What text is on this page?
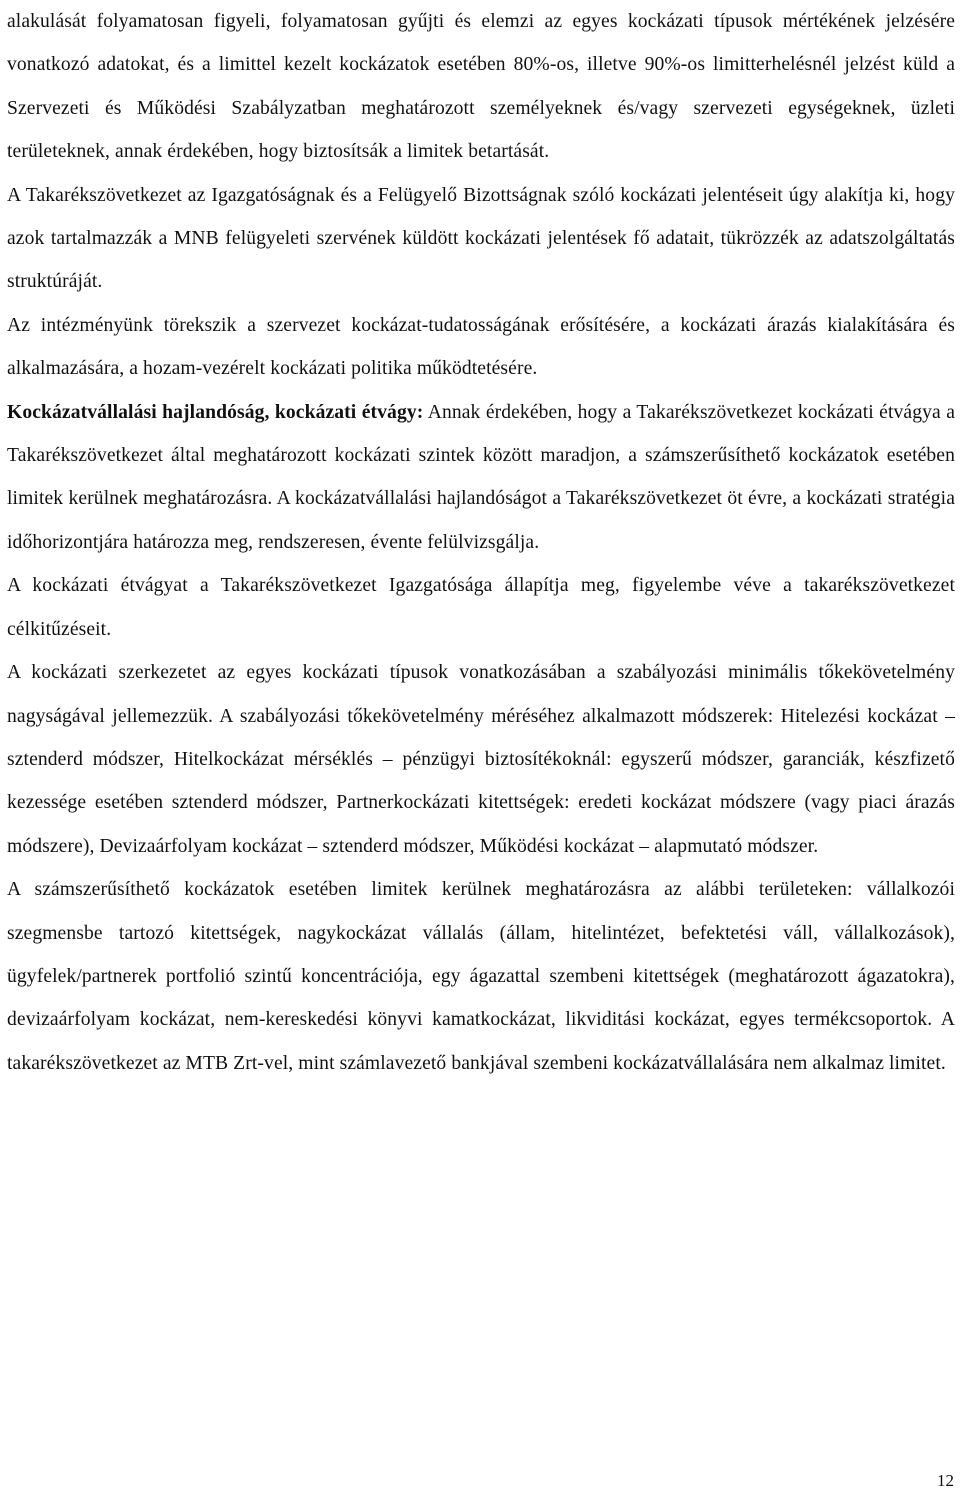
alakulását folyamatosan figyeli, folyamatosan gyűjti és elemzi az egyes kockázati típusok mértékének jelzésére vonatkozó adatokat, és a limittel kezelt kockázatok esetében 80%-os, illetve 90%-os limitterhelésnél jelzést küld a Szervezeti és Működési Szabályzatban meghatározott személyeknek és/vagy szervezeti egységeknek, üzleti területeknek, annak érdekében, hogy biztosítsák a limitek betartását.

A Takarékszövetkezet az Igazgatóságnak és a Felügyelő Bizottságnak szóló kockázati jelentéseit úgy alakítja ki, hogy azok tartalmazzák a MNB felügyeleti szervének küldött kockázati jelentések fő adatait, tükrözzék az adatszolgáltatás struktúráját.

Az intézményünk törekszik a szervezet kockázat-tudatosságának erősítésére, a kockázati árazás kialakítására és alkalmazására, a hozam-vezérelt kockázati politika működtetésére.

Kockázatvállalási hajlandóság, kockázati étvágy: Annak érdekében, hogy a Takarékszövetkezet kockázati étvágya a Takarékszövetkezet által meghatározott kockázati szintek között maradjon, a számszerűsíthető kockázatok esetében limitek kerülnek meghatározásra. A kockázatvállalási hajlandóságot a Takarékszövetkezet öt évre, a kockázati stratégia időhorizontjára határozza meg, rendszeresen, évente felülvizsgálja.

A kockázati étvágyat a Takarékszövetkezet Igazgatósága állapítja meg, figyelembe véve a takarékszövetkezet célkitűzéseit.

A kockázati szerkezetet az egyes kockázati típusok vonatkozásában a szabályozási minimális tőkekövetelmény nagyságával jellemezzük. A szabályozási tőkekövetelmény méréséhez alkalmazott módszerek: Hitelezési kockázat – sztenderd módszer, Hitelkockázat mérséklés – pénzügyi biztosítékoknál: egyszerű módszer, garanciák, készfizető kezessége esetében sztenderd módszer, Partnerkockázati kitettségek: eredeti kockázat módszere (vagy piaci árazás módszere), Devizaárfolyam kockázat – sztenderd módszer, Működési kockázat – alapmutató módszer.

A számszerűsíthető kockázatok esetében limitek kerülnek meghatározásra az alábbi területeken: vállalkozói szegmensbe tartozó kitettségek, nagykockázat vállalás (állam, hitelintézet, befektetési váll, vállalkozások), ügyfelek/partnerek portfolió szintű koncentrációja, egy ágazattal szembeni kitettségek (meghatározott ágazatokra), devizaárfolyam kockázat, nem-kereskedési könyvi kamatkockázat, likviditási kockázat, egyes termékcsoportok. A takarékszövetkezet az MTB Zrt-vel, mint számlavezető bankjával szembeni kockázatvállalására nem alkalmaz limitet.

12
